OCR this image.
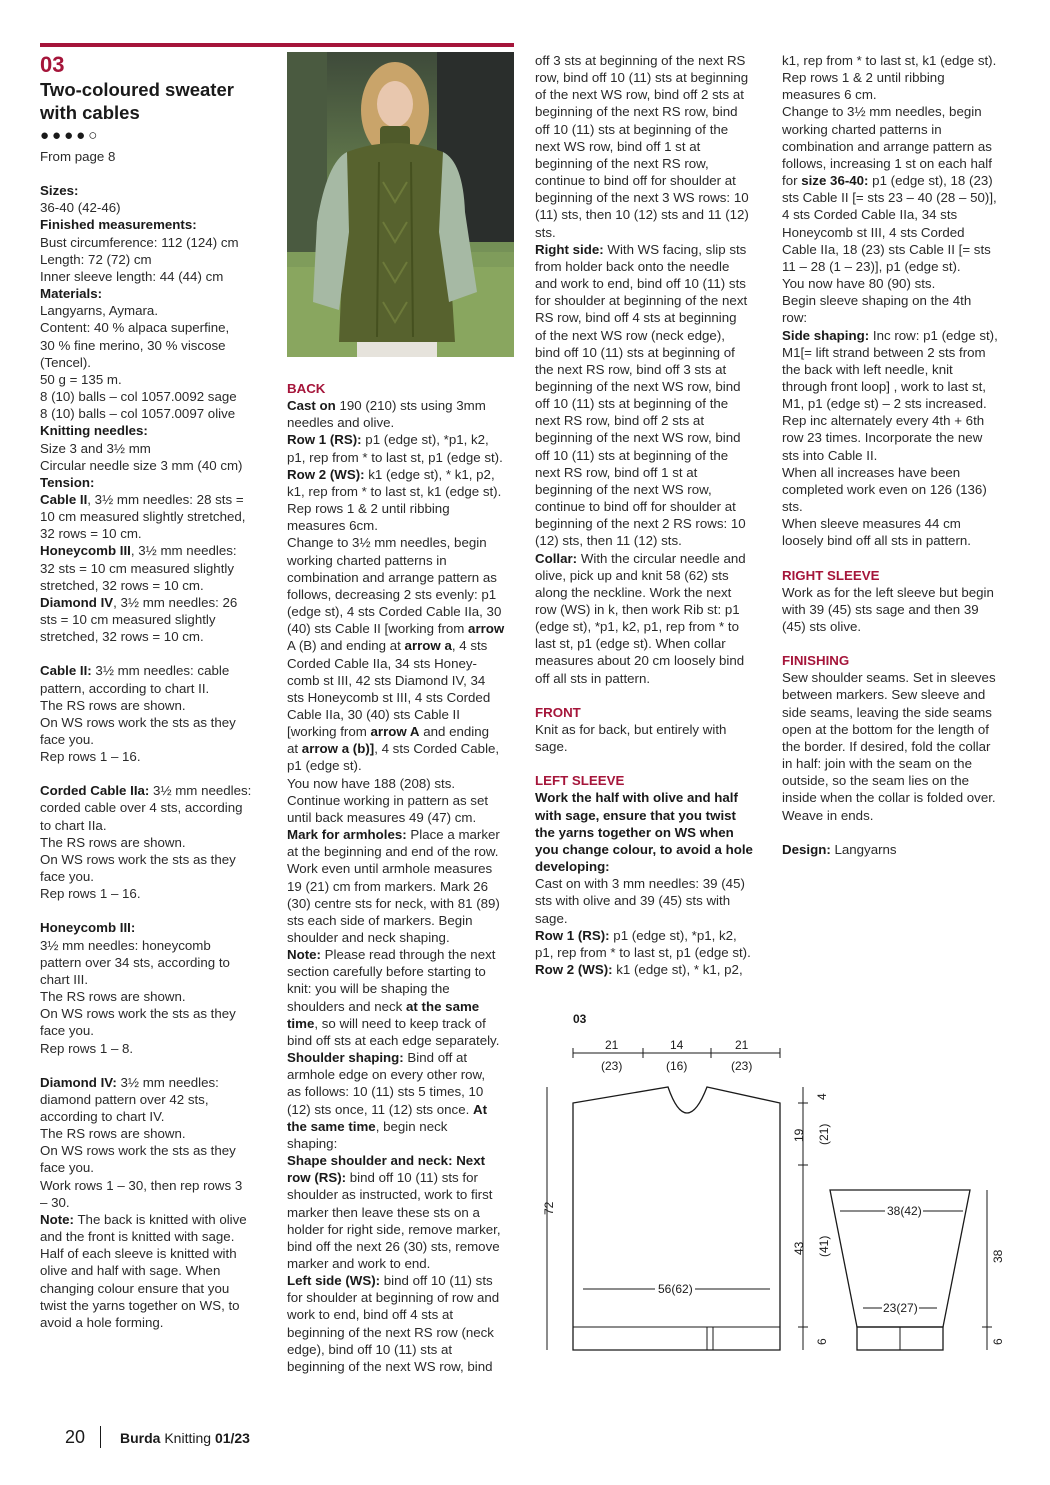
03

Two-coloured sweater

with cables

●●●●○

From page 8

Sizes:

36-40 (42-46)

Finished measurements:

Bust circumference: 112 (124) cm

Length: 72 (72) cm

Inner sleeve length: 44 (44) cm

Materials:

Langyarns, Aymara.

Content: 40 % alpaca superfine,

30 % fine merino, 30 % viscose

(Tencel).

50 g = 135 m.

8 (10) balls – col 1057.0092 sage

8 (10) balls – col 1057.0097 olive

Knitting needles:

Size 3 and 3½ mm

Circular needle size 3 mm (40 cm)

Tension:

Cable II, 3½ mm needles: 28 sts =

10 cm measured slightly stretched,

32 rows = 10 cm.

Honeycomb III, 3½ mm needles:

32 sts = 10 cm measured slightly

stretched, 32 rows = 10 cm.

Diamond IV, 3½ mm needles: 26

sts = 10 cm measured slightly

stretched, 32 rows = 10 cm.

Cable II: 3½ mm needles: cable

pattern, according to chart II.

The RS rows are shown.

On WS rows work the sts as they

face you.

Rep rows 1 – 16.

Corded Cable IIa: 3½ mm needles:

corded cable over 4 sts, according

to chart IIa.

The RS rows are shown.

On WS rows work the sts as they

face you.

Rep rows 1 – 16.

Honeycomb III:

3½ mm needles: honeycomb

pattern over 34 sts, according to

chart III.

The RS rows are shown.

On WS rows work the sts as they

face you.

Rep rows 1 – 8.

Diamond IV: 3½ mm needles:

diamond pattern over 42 sts,

according to chart IV.

The RS rows are shown.

On WS rows work the sts as they

face you.

Work rows 1 – 30, then rep rows 3

– 30.

Note: The back is knitted with olive

and the front is knitted with sage.

Half of each sleeve is knitted with

olive and half with sage. When

changing colour ensure that you

twist the yarns together on WS, to

avoid a hole forming.

BACK

Cast on 190 (210) sts using 3mm

needles and olive.

Row 1 (RS): p1 (edge st), *p1, k2,

p1, rep from * to last st, p1 (edge st).

Row 2 (WS): k1 (edge st), * k1, p2,

k1, rep from * to last st, k1 (edge st).

Rep rows 1 & 2 until ribbing

measures 6cm.

Change to 3½ mm needles, begin

working charted patterns in

combination and arrange pattern as

follows, decreasing 2 sts evenly: p1

(edge st), 4 sts Corded Cable IIa, 30

(40) sts Cable II [working from arrow

A (B) and ending at arrow a, 4 sts

Corded Cable IIa, 34 sts Honey-

comb st III, 42 sts Diamond IV, 34

sts Honeycomb st III, 4 sts Corded

Cable IIa, 30 (40) sts Cable II

[working from arrow A and ending

at arrow a (b)], 4 sts Corded Cable,

p1 (edge st).

You now have 188 (208) sts.

Continue working in pattern as set

until back measures 49 (47) cm.

Mark for armholes: Place a marker

at the beginning and end of the row.

Work even until armhole measures

19 (21) cm from markers. Mark 26

(30) centre sts for neck, with 81 (89)

sts each side of markers. Begin

shoulder and neck shaping.

Note: Please read through the next

section carefully before starting to

knit: you will be shaping the

shoulders and neck at the same

time, so will need to keep track of

bind off sts at each edge separately.

Shoulder shaping: Bind off at

armhole edge on every other row,

as follows: 10 (11) sts 5 times, 10

(12) sts once, 11 (12) sts once. At

the same time, begin neck

shaping:

Shape shoulder and neck: Next

row (RS): bind off 10 (11) sts for

shoulder as instructed, work to first

marker then leave these sts on a

holder for right side, remove marker,

bind off the next 26 (30) sts, remove

marker and work to end.

Left side (WS): bind off 10 (11) sts

for shoulder at beginning of row and

work to end, bind off 4 sts at

beginning of the next RS row (neck

edge), bind off 10 (11) sts at

beginning of the next WS row, bind

off 3 sts at beginning of the next RS

row, bind off 10 (11) sts at beginning

of the next WS row, bind off 2 sts at

beginning of the next RS row, bind

off 10 (11) sts at beginning of the

next WS row, bind off 1 st at

beginning of the next RS row,

continue to bind off for shoulder at

beginning of the next 3 WS rows: 10

(11) sts, then 10 (12) sts and 11 (12)

sts.

Right side: With WS facing, slip sts

from holder back onto the needle

and work to end, bind off 10 (11) sts

for shoulder at beginning of the next

RS row, bind off 4 sts at beginning

of the next WS row (neck edge),

bind off 10 (11) sts at beginning of

the next RS row, bind off 3 sts at

beginning of the next WS row, bind

off 10 (11) sts at beginning of the

next RS row, bind off 2 sts at

beginning of the next WS row, bind

off 10 (11) sts at beginning of the

next RS row, bind off 1 st at

beginning of the next WS row,

continue to bind off for shoulder at

beginning of the next 2 RS rows: 10

(12) sts, then 11 (12) sts.

Collar: With the circular needle and

olive, pick up and knit 58 (62) sts

along the neckline. Work the next

row (WS) in k, then work Rib st: p1

(edge st), *p1, k2, p1, rep from * to

last st, p1 (edge st). When collar

measures about 20 cm loosely bind

off all sts in pattern.

FRONT

Knit as for back, but entirely with

sage.

LEFT SLEEVE

Work the half with olive and half

with sage, ensure that you twist

the yarns together on WS when

you change colour, to avoid a hole

developing:

Cast on with 3 mm needles: 39 (45)

sts with olive and 39 (45) sts with

sage.

Row 1 (RS): p1 (edge st), *p1, k2,

p1, rep from * to last st, p1 (edge st).

Row 2 (WS): k1 (edge st), * k1, p2,

k1, rep from * to last st, k1 (edge st).

Rep rows 1 & 2 until ribbing

measures 6 cm.

Change to 3½ mm needles, begin

working charted patterns in

combination and arrange pattern as

follows, increasing 1 st on each half

for size 36-40: p1 (edge st), 18 (23)

sts Cable II [= sts 23 – 40 (28 – 50)],

4 sts Corded Cable IIa, 34 sts

Honeycomb st III, 4 sts Corded

Cable IIa, 18 (23) sts Cable II [= sts

11 – 28 (1 – 23)], p1 (edge st).

You now have 80 (90) sts.

Begin sleeve shaping on the 4th

row:

Side shaping: Inc row: p1 (edge st),

M1[= lift strand between 2 sts from

the back with left needle, knit

through front loop] , work to last st,

M1, p1 (edge st) – 2 sts increased.

Rep inc alternately every 4th + 6th

row 23 times. Incorporate the new

sts into Cable II.

When all increases have been

completed work even on 126 (136)

sts.

When sleeve measures 44 cm

loosely bind off all sts in pattern.

RIGHT SLEEVE

Work as for the left sleeve but begin

with 39 (45) sts sage and then 39

(45) sts olive.

FINISHING

Sew shoulder seams. Set in sleeves

between markers. Sew sleeve and

side seams, leaving the side seams

open at the bottom for the length of

the border. If desired, fold the collar

in half: join with the seam on the

outside, so the seam lies on the

inside when the collar is folded over.

Weave in ends.

Design: Langyarns

03
21
(23)
14
(16)
21
(23)
56(62)
72
4
19 (21)
43 (41)
6
38(42)
23(27)
38
6
20 Burda Knitting 01/23
